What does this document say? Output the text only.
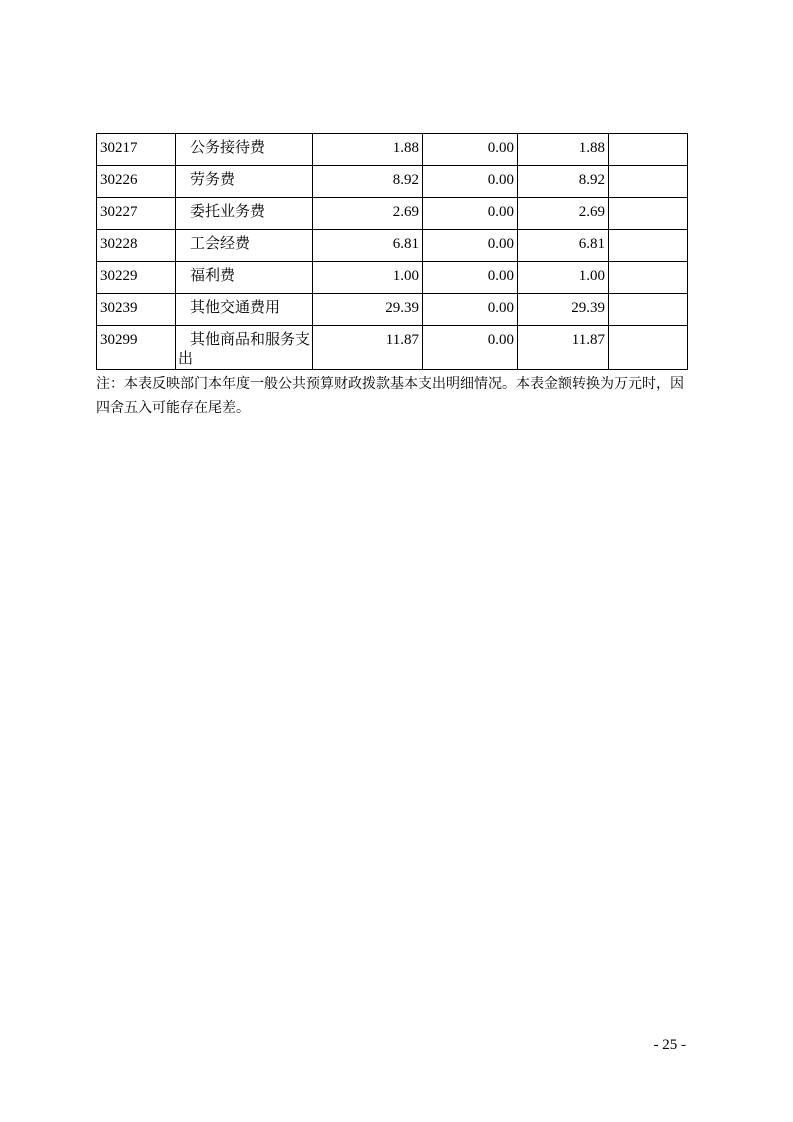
30217	公务接待费	1.88	0.00	1.88	
30226	劳务费	8.92	0.00	8.92	
30227	委托业务费	2.69	0.00	2.69	
30228	工会经费	6.81	0.00	6.81	
30229	福利费	1.00	0.00	1.00	
30239	其他交通费用	29.39	0.00	29.39	
30299	其他商品和服务支出	11.87	0.00	11.87	
注：本表反映部门本年度一般公共预算财政拨款基本支出明细情况。本表金额转换为万元时，因四舍五入可能存在尾差。
- 25 -
